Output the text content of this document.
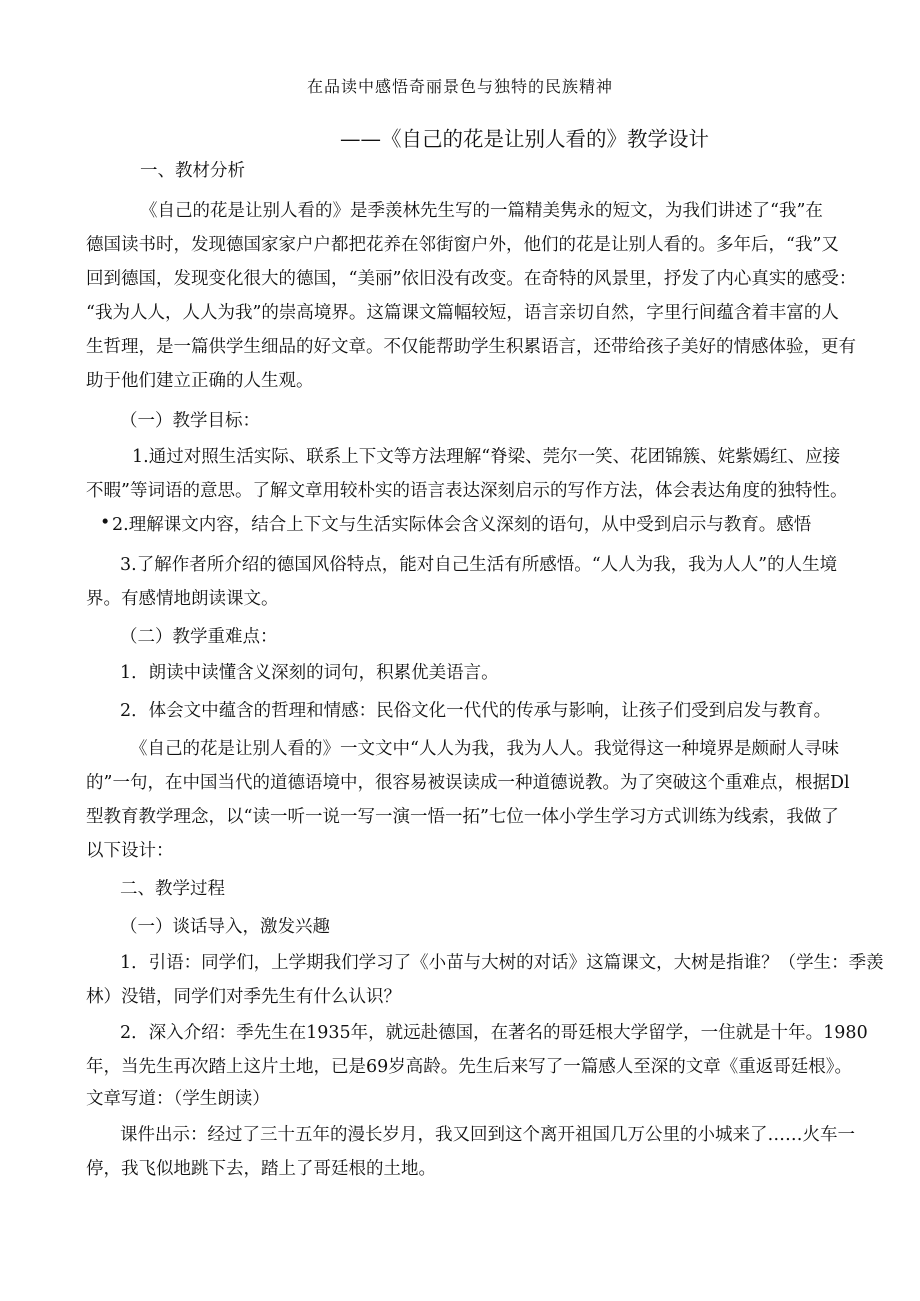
在品读中感悟奇丽景色与独特的民族精神
——《自己的花是让别人看的》教学设计
一、教材分析
《自己的花是让别人看的》是季羡林先生写的一篇精美隽永的短文，为我们讲述了“我”在
德国读书时，发现德国家家户户都把花养在邻街窗户外，他们的花是让别人看的。多年后，“我”又
回到德国，发现变化很大的德国，“美丽”依旧没有改变。在奇特的风景里，抒发了内心真实的感受：
“我为人人，人人为我”的崇高境界。这篇课文篇幅较短，语言亲切自然，字里行间蕴含着丰富的人
生哲理，是一篇供学生细品的好文章。不仅能帮助学生积累语言，还带给孩子美好的情感体验，更有
助于他们建立正确的人生观。
（一）教学目标：
1.通过对照生活实际、联系上下文等方法理解“脊梁、莞尔一笑、花团锦簇、姹紫嫣红、应接
不暇”等词语的意思。了解文章用较朴实的语言表达深刻启示的写作方法，体会表达角度的独特性。
• 2.理解课文内容，结合上下文与生活实际体会含义深刻的语句，从中受到启示与教育。感悟
3.了解作者所介绍的德国风俗特点，能对自己生活有所感悟。“人人为我，我为人人”的人生境
界。有感情地朗读课文。
（二）教学重难点：
1．朗读中读懂含义深刻的词句，积累优美语言。
2．体会文中蕴含的哲理和情感：民俗文化一代代的传承与影响，让孩子们受到启发与教育。
《自己的花是让别人看的》一文文中“人人为我，我为人人。我觉得这一种境界是颇耐人寻味
的”一句，在中国当代的道德语境中，很容易被误读成一种道德说教。为了突破这个重难点，根据Dl
型教育教学理念，以“读一听一说一写一演一悟一拓”七位一体小学生学习方式训练为线索，我做了
以下设计：
二、教学过程
（一）谈话导入，激发兴趣
1．引语：同学们，上学期我们学习了《小苗与大树的对话》这篇课文，大树是指谁？（学生：季羡
林）没错，同学们对季先生有什么认识？
2．深入介绍：季先生在1935年，就远赴德国，在著名的哥廷根大学留学，一住就是十年。1980
年，当先生再次踏上这片土地，已是69岁高龄。先生后来写了一篇感人至深的文章《重返哥廷根》。
文章写道：（学生朗读）
课件出示：经过了三十五年的漫长岁月，我又回到这个离开祖国几万公里的小城来了……火车一
停，我飞似地跳下去，踏上了哥廷根的土地。
